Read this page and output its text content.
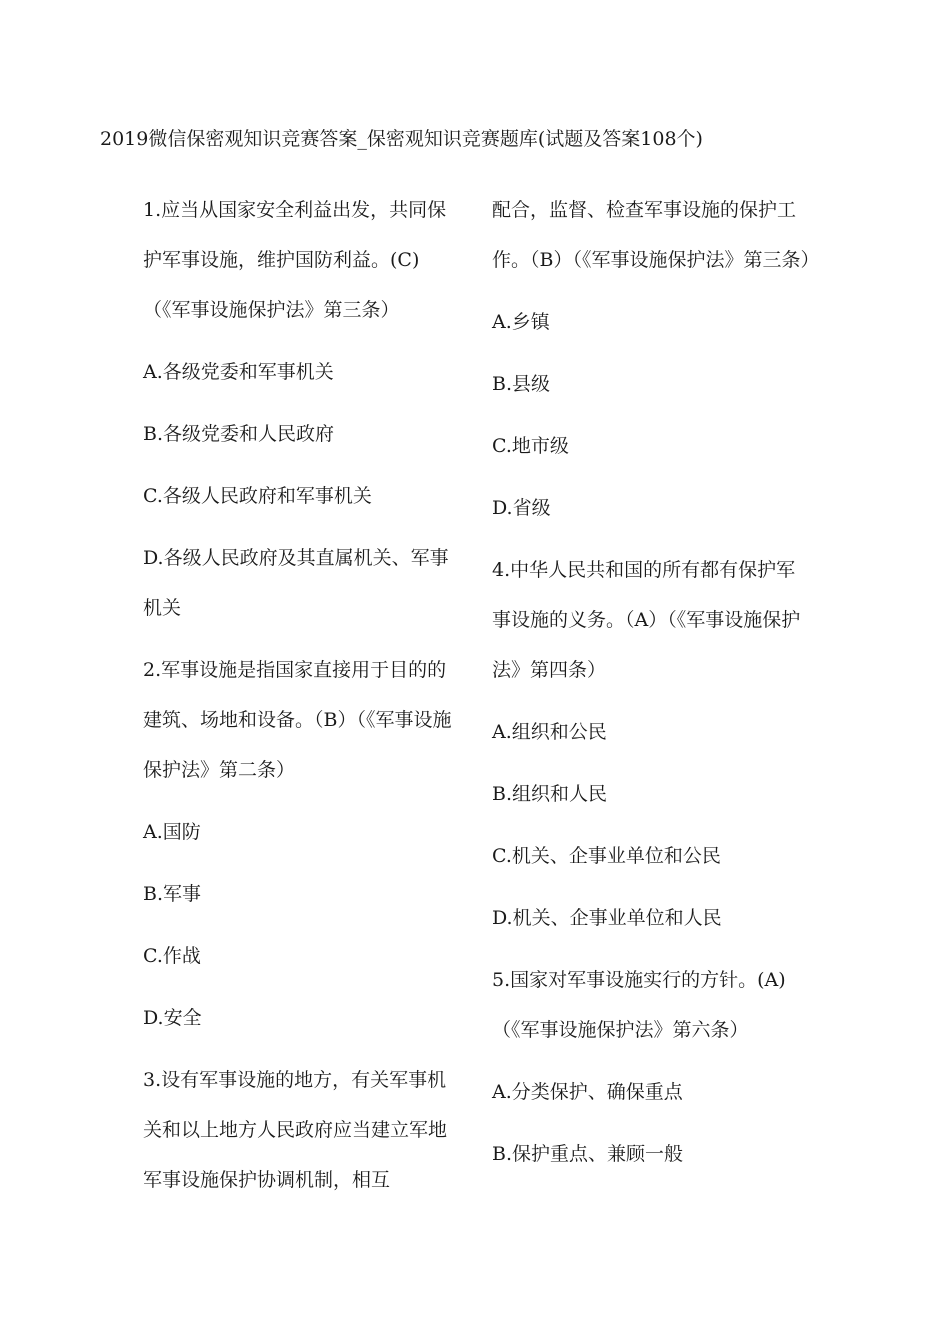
2019微信保密观知识竞赛答案_保密观知识竞赛题库(试题及答案108个)

1.应当从国家安全利益出发，共同保护军事设施，维护国防利益。(C)（《军事设施保护法》第三条）

A.各级党委和军事机关

B.各级党委和人民政府

C.各级人民政府和军事机关

D.各级人民政府及其直属机关、军事机关

2.军事设施是指国家直接用于目的的建筑、场地和设备。（B）（《军事设施保护法》第二条）

A.国防

B.军事

C.作战

D.安全

3.设有军事设施的地方，有关军事机关和以上地方人民政府应当建立军地军事设施保护协调机制，相互

配合，监督、检查军事设施的保护工作。（B）（《军事设施保护法》第三条）

A.乡镇

B.县级

C.地市级

D.省级

4.中华人民共和国的所有都有保护军事设施的义务。（A）（《军事设施保护法》第四条）

A.组织和公民

B.组织和人民

C.机关、企事业单位和公民

D.机关、企事业单位和人民

5.国家对军事设施实行的方针。(A)（《军事设施保护法》第六条）

A.分类保护、确保重点

B.保护重点、兼顾一般
